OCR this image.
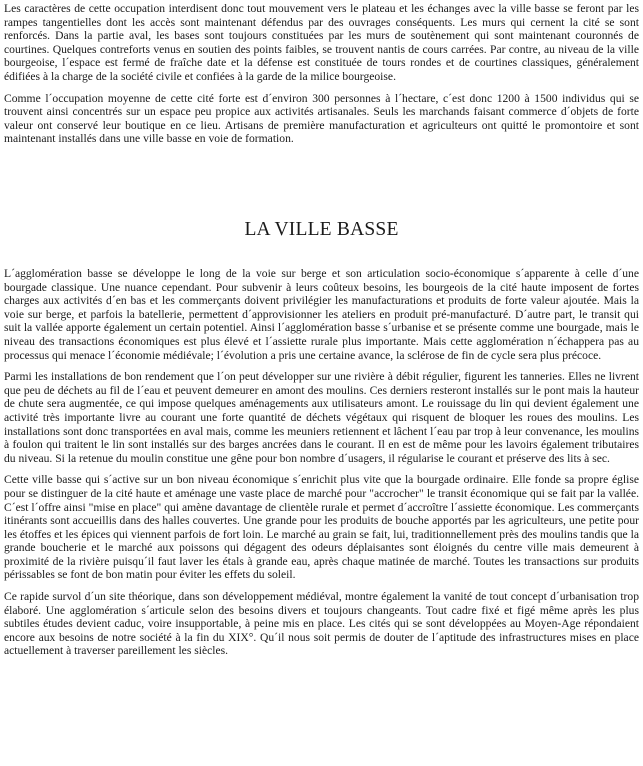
Les caractères de cette occupation interdisent donc tout mouvement vers le plateau et les échanges avec la ville basse se feront par les rampes tangentielles dont les accès sont maintenant défendus par des ouvrages conséquents. Les murs qui cernent la cité se sont renforcés. Dans la partie aval, les bases sont toujours constituées par les murs de soutènement qui sont maintenant couronnés de courtines. Quelques contreforts venus en soutien des points faibles, se trouvent nantis de cours carrées. Par contre, au niveau de la ville bourgeoise, l´espace est fermé de fraîche date et la défense est constituée de tours rondes et de courtines classiques, généralement édifiées à la charge de la société civile et confiées à la garde de la milice bourgeoise.

Comme l´occupation moyenne de cette cité forte est d´environ 300 personnes à l´hectare, c´est donc 1200 à 1500 individus qui se trouvent ainsi concentrés sur un espace peu propice aux activités artisanales. Seuls les marchands faisant commerce d´objets de forte valeur ont conservé leur boutique en ce lieu. Artisans de première manufacturation et agriculteurs ont quitté le promontoire et sont maintenant installés dans une ville basse en voie de formation.

LA VILLE BASSE

L´agglomération basse se développe le long de la voie sur berge et son articulation socio-économique s´apparente à celle d´une bourgade classique. Une nuance cependant. Pour subvenir à leurs coûteux besoins, les bourgeois de la cité haute imposent de fortes charges aux activités d´en bas et les commerçants doivent privilégier les manufacturations et produits de forte valeur ajoutée. Mais la voie sur berge, et parfois la batellerie, permettent d´approvisionner les ateliers en produit pré-manufacturé. D´autre part, le transit qui suit la vallée apporte également un certain potentiel. Ainsi l´agglomération basse s´urbanise et se présente comme une bourgade, mais le niveau des transactions économiques est plus élevé et l´assiette rurale plus importante. Mais cette agglomération n´échappera pas au processus qui menace l´économie médiévale; l´évolution a pris une certaine avance, la sclérose de fin de cycle sera plus précoce.

Parmi les installations de bon rendement que l´on peut développer sur une rivière à débit régulier, figurent les tanneries. Elles ne livrent que peu de déchets au fil de l´eau et peuvent demeurer en amont des moulins. Ces derniers resteront installés sur le pont mais la hauteur de chute sera augmentée, ce qui impose quelques aménagements aux utilisateurs amont. Le rouissage du lin qui devient également une activité très importante livre au courant une forte quantité de déchets végétaux qui risquent de bloquer les roues des moulins. Les installations sont donc transportées en aval mais, comme les meuniers retiennent et lâchent l´eau par trop à leur convenance, les moulins à foulon qui traitent le lin sont installés sur des barges ancrées dans le courant. Il en est de même pour les lavoirs également tributaires du niveau. Si la retenue du moulin constitue une gêne pour bon nombre d´usagers, il régularise le courant et préserve des lits à sec.

Cette ville basse qui s´active sur un bon niveau économique s´enrichit plus vite que la bourgade ordinaire. Elle fonde sa propre église pour se distinguer de la cité haute et aménage une vaste place de marché pour "accrocher" le transit économique qui se fait par la vallée. C´est l´offre ainsi "mise en place" qui amène davantage de clientèle rurale et permet d´accroître l´assiette économique. Les commerçants itinérants sont accueillis dans des halles couvertes. Une grande pour les produits de bouche apportés par les agriculteurs, une petite pour les étoffes et les épices qui viennent parfois de fort loin. Le marché au grain se fait, lui, traditionnellement près des moulins tandis que la grande boucherie et le marché aux poissons qui dégagent des odeurs déplaisantes sont éloignés du centre ville mais demeurent à proximité de la rivière puisqu´il faut laver les étals à grande eau, après chaque matinée de marché. Toutes les transactions sur produits périssables se font de bon matin pour éviter les effets du soleil.

Ce rapide survol d´un site théorique, dans son développement médiéval, montre également la vanité de tout concept d´urbanisation trop élaboré. Une agglomération s´articule selon des besoins divers et toujours changeants. Tout cadre fixé et figé même après les plus subtiles études devient caduc, voire insupportable, à peine mis en place. Les cités qui se sont développées au Moyen-Age répondaient encore aux besoins de notre société à la fin du XIX°. Qu´il nous soit permis de douter de l´aptitude des infrastructures mises en place actuellement à traverser pareillement les siècles.
